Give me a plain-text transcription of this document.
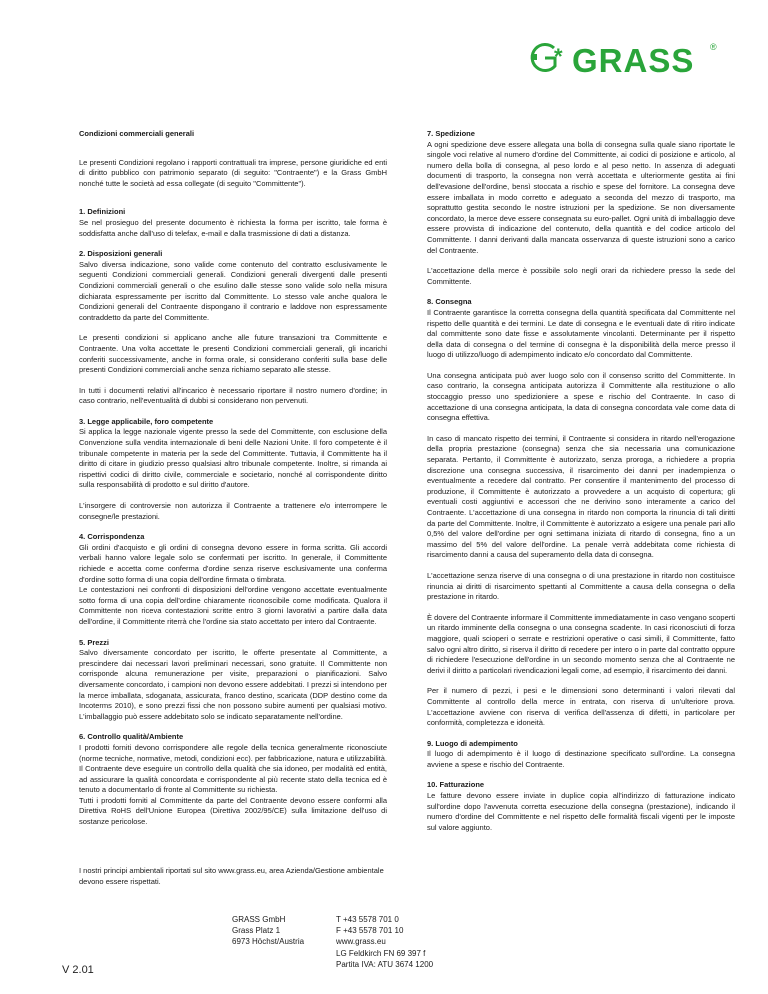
* GRASS ®
Condizioni commerciali generali

Le presenti Condizioni regolano i rapporti contrattuali tra imprese, persone giuridiche ed enti di diritto pubblico con patrimonio separato (di seguito: "Contraente") e la Grass GmbH nonché tutte le società ad essa collegate (di seguito "Committente").

1. Definizioni

Se nel prosieguo del presente documento è richiesta la forma per iscritto, tale forma è soddisfatta anche dall'uso di telefax, e-mail e dalla trasmissione di dati a distanza.

2. Disposizioni generali

Salvo diversa indicazione, sono valide come contenuto del contratto esclusivamente le seguenti Condizioni commerciali generali. Condizioni generali divergenti dalle presenti Condizioni commerciali generali o che esulino dalle stesse sono valide solo nella misura dichiarata espressamente per iscritto dal Committente. Lo stesso vale anche qualora le Condizioni generali del Contraente dispongano il contrario e laddove non espressamente contraddetto da parte del Committente.

Le presenti condizioni si applicano anche alle future transazioni tra Committente e Contraente. Una volta accettate le presenti Condizioni commerciali generali, gli incarichi conferiti successivamente, anche in forma orale, si considerano conferiti sulla base delle presenti Condizioni commerciali anche senza richiamo separato alle stesse.

In tutti i documenti relativi all'incarico è necessario riportare il nostro numero d'ordine; in caso contrario, nell'eventualità di dubbi si considerano non pervenuti.

3. Legge applicabile, foro competente

Si applica la legge nazionale vigente presso la sede del Committente, con esclusione della Convenzione sulla vendita internazionale di beni delle Nazioni Unite. Il foro competente è il tribunale competente in materia per la sede del Committente. Tuttavia, il Committente ha il diritto di citare in giudizio presso qualsiasi altro tribunale competente. Inoltre, si rimanda ai rispettivi codici di diritto civile, commerciale e societario, nonché al corrispondente diritto sulla responsabilità di prodotto e sul diritto d'autore.

L'insorgere di controversie non autorizza il Contraente a trattenere e/o interrompere le consegne/le prestazioni.

4. Corrispondenza

Gli ordini d'acquisto e gli ordini di consegna devono essere in forma scritta. Gli accordi verbali hanno valore legale solo se confermati per iscritto. In generale, il Committente richiede e accetta come conferma d'ordine senza riserve esclusivamente una conferma d'ordine sotto forma di una copia dell'ordine firmata o timbrata.
Le contestazioni nei confronti di disposizioni dell'ordine vengono accettate eventualmente sotto forma di una copia dell'ordine chiaramente riconoscibile come modificata. Qualora il Committente non riceva contestazioni scritte entro 3 giorni lavorativi a partire dalla data dell'ordine, il Committente riterrà che l'ordine sia stato accettato per intero dal Contraente.

5. Prezzi

Salvo diversamente concordato per iscritto, le offerte presentate al Committente, a prescindere dai necessari lavori preliminari necessari, sono gratuite. Il Committente non corrisponde alcuna remunerazione per visite, preparazioni o pianificazioni. Salvo diversamente concordato, i campioni non devono essere addebitati. I prezzi si intendono per la merce imballata, sdoganata, assicurata, franco destino, scaricata (DDP destino come da Incoterms 2010), e sono prezzi fissi che non possono subire aumenti per qualsiasi motivo. L'imballaggio può essere addebitato solo se indicato separatamente nell'ordine.

6. Controllo qualità/Ambiente

I prodotti forniti devono corrispondere alle regole della tecnica generalmente riconosciute (norme tecniche, normative, metodi, condizioni ecc). per fabbricazione, natura e utilizzabilità. Il Contraente deve eseguire un controllo della qualità che sia idoneo, per modalità ed entità, ad assicurare la qualità concordata e corrispondente al più recente stato della tecnica ed è tenuto a documentarlo di fronte al Committente su richiesta.
Tutti i prodotti forniti al Committente da parte del Contraente devono essere conformi alla Direttiva RoHS dell'Unione Europea (Direttiva 2002/95/CE) sulla limitazione dell'uso di sostanze pericolose.

7. Spedizione

A ogni spedizione deve essere allegata una bolla di consegna sulla quale siano riportate le singole voci relative al numero d'ordine del Committente, ai codici di posizione e articolo, al numero della bolla di consegna, al peso lordo e al peso netto. In assenza di adeguati documenti di trasporto, la consegna non verrà accettata e ulteriormente gestita ai fini dell'evasione dell'ordine, bensì stoccata a rischio e spese del fornitore. La consegna deve essere imballata in modo corretto e adeguato a seconda del mezzo di trasporto, ma soprattutto gestita secondo le nostre istruzioni per la spedizione. Se non diversamente concordato, la merce deve essere consegnata su euro-pallet. Ogni unità di imballaggio deve essere provvista di indicazione del contenuto, della quantità e del codice articolo del Committente. I danni derivanti dalla mancata osservanza di queste istruzioni sono a carico del Contraente.

L'accettazione della merce è possibile solo negli orari da richiedere presso la sede del Committente.

8. Consegna

Il Contraente garantisce la corretta consegna della quantità specificata dal Committente nel rispetto delle quantità e dei termini. Le date di consegna e le eventuali date di ritiro indicate dal committente sono date fisse e assolutamente vincolanti. Determinante per il rispetto della data di consegna o del termine di consegna è la disponibilità della merce presso il luogo di utilizzo/luogo di adempimento indicato e/o concordato dal Committente.

Una consegna anticipata può aver luogo solo con il consenso scritto del Committente. In caso contrario, la consegna anticipata autorizza il Committente alla restituzione o allo stoccaggio presso uno spedizioniere a spese e rischio del Contraente. In caso di accettazione di una consegna anticipata, la data di consegna concordata vale come data di consegna effettiva.

In caso di mancato rispetto dei termini, il Contraente si considera in ritardo nell'erogazione della propria prestazione (consegna) senza che sia necessaria una comunicazione separata. Pertanto, il Committente è autorizzato, senza proroga, a richiedere a propria discrezione una consegna successiva, il risarcimento dei danni per inadempienza o eventualmente a recedere dal contratto. Per consentire il mantenimento del processo di produzione, il Committente è autorizzato a provvedere a un acquisto di copertura; gli eventuali costi aggiuntivi e accessori che ne derivino sono interamente a carico del Contraente. L'accettazione di una consegna in ritardo non comporta la rinuncia di tali diritti da parte del Committente. Inoltre, il Committente è autorizzato a esigere una penale pari allo 0,5% del valore dell'ordine per ogni settimana iniziata di ritardo di consegna, fino a un massimo del 5% del valore dell'ordine. La penale verrà addebitata come richiesta di risarcimento danni a causa del superamento della data di consegna.

L'accettazione senza riserve di una consegna o di una prestazione in ritardo non costituisce rinuncia ai diritti di risarcimento spettanti al Committente a causa della consegna o della prestazione in ritardo.

È dovere del Contraente informare il Committente immediatamente in caso vengano scoperti un ritardo imminente della consegna o una consegna scadente. In casi riconosciuti di forza maggiore, quali scioperi o serrate e restrizioni operative o casi simili, il Committente, fatto salvo ogni altro diritto, si riserva il diritto di recedere per intero o in parte dal contratto oppure di richiedere l'esecuzione dell'ordine in un secondo momento senza che al Contraente ne derivi il diritto a particolari rivendicazioni legali come, ad esempio, il risarcimento dei danni.

Per il numero di pezzi, i pesi e le dimensioni sono determinanti i valori rilevati dal Committente al controllo della merce in entrata, con riserva di un'ulteriore prova. L'accettazione avviene con riserva di verifica dell'assenza di difetti, in particolare per conformità, completezza e idoneità.

9. Luogo di adempimento

Il luogo di adempimento è il luogo di destinazione specificato sull'ordine. La consegna avviene a spese e rischio del Contraente.

10. Fatturazione

Le fatture devono essere inviate in duplice copia all'indirizzo di fatturazione indicato sull'ordine dopo l'avvenuta corretta esecuzione della consegna (prestazione), indicando il numero d'ordine del Committente e nel rispetto delle formalità fiscali vigenti per le imposte sul valore aggiunto.

I nostri principi ambientali riportati sul sito www.grass.eu, area Azienda/Gestione ambientale devono essere rispettati.
V 2.01
GRASS GmbH
Grass Platz 1
6973 Höchst/Austria
T +43 5578 701 0
F +43 5578 701 10
www.grass.eu
LG Feldkirch FN 69 397 f
Partita IVA: ATU 3674 1200
